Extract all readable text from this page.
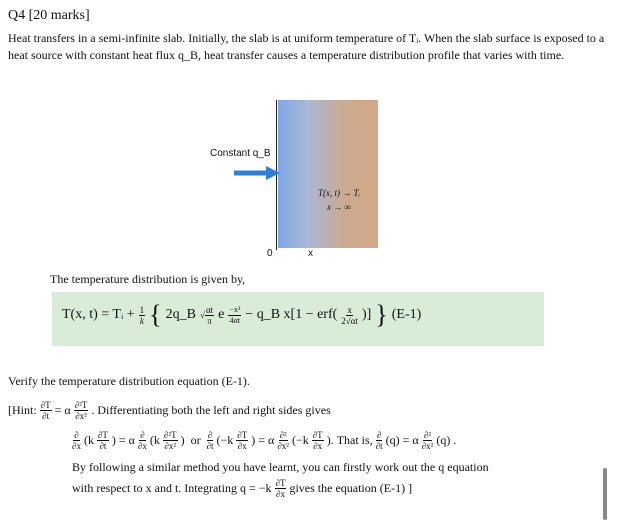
Q4 [20 marks]
Heat transfers in a semi-infinite slab. Initially, the slab is at uniform temperature of Tᵢ. When the slab surface is exposed to a heat source with constant heat flux q_B, heat transfer causes a temperature distribution profile that varies with time.
Constant q_B
T(x, t) → Tᵢ
x → ∞
0	x
The temperature distribution is given by,
T(x, t) = Tᵢ + $\frac{1}{k}$ { 2q_B √ $\frac{\alpha t}{\pi}$ e $\frac{\text{−x²}}{4\alpha t}$ − q_B $x[1 - erf( \frac{x}{2√\alpha t}$ )] } (E-1)
Verify the temperature distribution equation (E-1).
[Hint: $\frac{\partial T}{\partial t} = \alpha \frac{\text{∂²T}}{\text{∂x²}}$ . Differentiating both the left and right sides gives
$\frac{\partial}{\partial x} (k \frac{\partial T}{\partial t}$ ) = α $\frac{\partial}{\partial x} (k \frac{\text{∂²T}}{\text{∂x²}}$ )  or $\frac{\partial}{\partial t} (-k \frac{\partial T}{\partial x}$ ) = α $\frac{\text{∂²}}{\text{∂x²}} (-k \frac{\partial T}{\partial x}$ ). That is, $\frac{\partial}{\partial t} (q) = \alpha \frac{\text{∂²}}{\text{∂x²}} (q)$ .
By following a similar method you have learnt, you can firstly work out the q equation
with respect to x and t. Integrating $q = -k \frac{\partial T}{\partial x}$ gives the equation (E-1) ]
